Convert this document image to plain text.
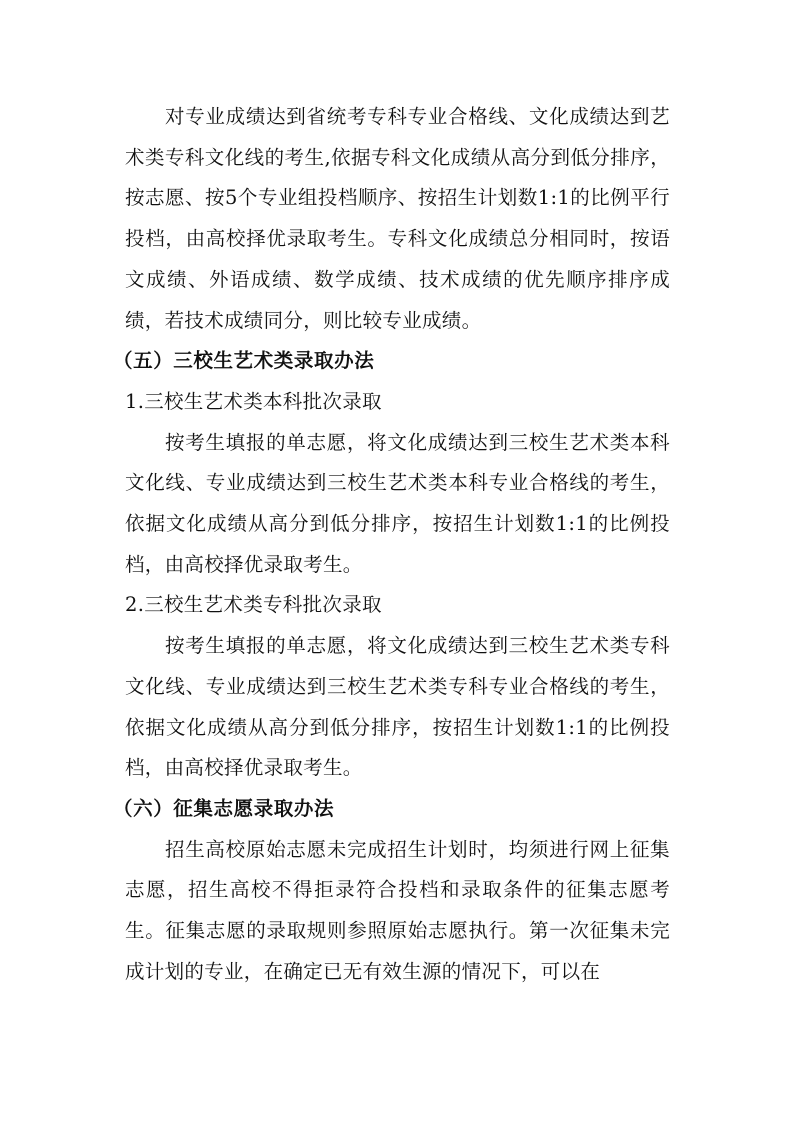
对专业成绩达到省统考专科专业合格线、文化成绩达到艺术类专科文化线的考生,依据专科文化成绩从高分到低分排序，按志愿、按5个专业组投档顺序、按招生计划数1:1的比例平行投档，由高校择优录取考生。专科文化成绩总分相同时，按语文成绩、外语成绩、数学成绩、技术成绩的优先顺序排序成绩，若技术成绩同分，则比较专业成绩。

（五）三校生艺术类录取办法

1.三校生艺术类本科批次录取

按考生填报的单志愿，将文化成绩达到三校生艺术类本科文化线、专业成绩达到三校生艺术类本科专业合格线的考生，依据文化成绩从高分到低分排序，按招生计划数1:1的比例投档，由高校择优录取考生。

2.三校生艺术类专科批次录取

按考生填报的单志愿，将文化成绩达到三校生艺术类专科文化线、专业成绩达到三校生艺术类专科专业合格线的考生，依据文化成绩从高分到低分排序，按招生计划数1:1的比例投档，由高校择优录取考生。

（六）征集志愿录取办法

招生高校原始志愿未完成招生计划时，均须进行网上征集志愿，招生高校不得拒录符合投档和录取条件的征集志愿考生。征集志愿的录取规则参照原始志愿执行。第一次征集未完成计划的专业，在确定已无有效生源的情况下，可以在
